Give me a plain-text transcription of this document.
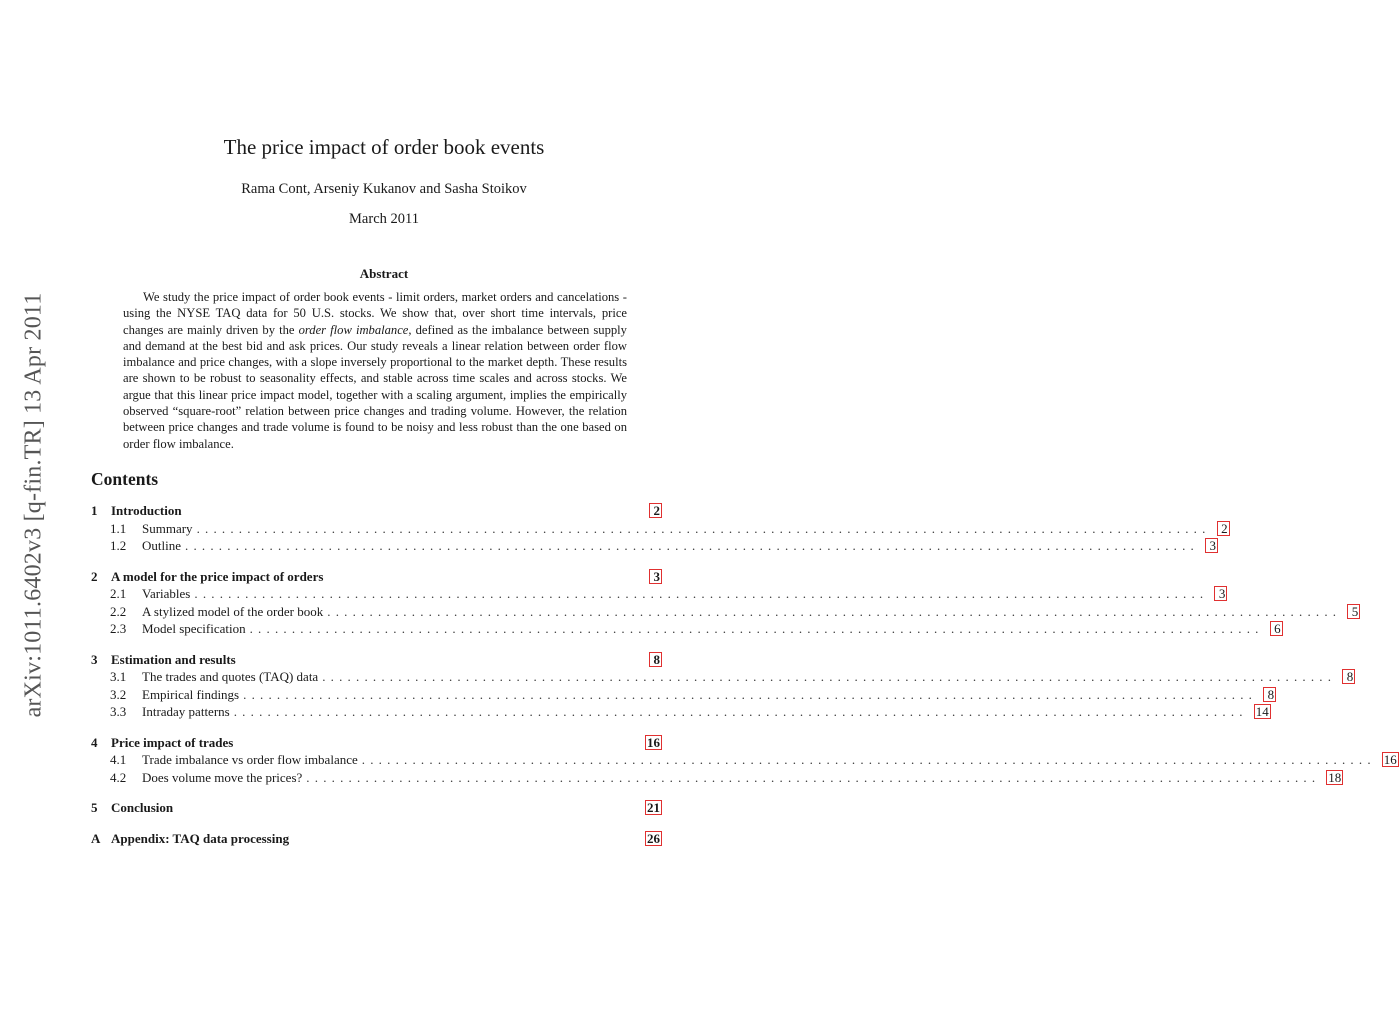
arXiv:1011.6402v3 [q-fin.TR] 13 Apr 2011
The price impact of order book events
Rama Cont, Arseniy Kukanov and Sasha Stoikov
March 2011
Abstract
We study the price impact of order book events - limit orders, market orders and cancelations - using the NYSE TAQ data for 50 U.S. stocks. We show that, over short time intervals, price changes are mainly driven by the order flow imbalance, defined as the imbalance between supply and demand at the best bid and ask prices. Our study reveals a linear relation between order flow imbalance and price changes, with a slope inversely proportional to the market depth. These results are shown to be robust to seasonality effects, and stable across time scales and across stocks. We argue that this linear price impact model, together with a scaling argument, implies the empirically observed “square-root” relation between price changes and trading volume. However, the relation between price changes and trade volume is found to be noisy and less robust than the one based on order flow imbalance.
Contents
1	Introduction	2
1.1	Summary ........................................................................................................................ 2
1.2	Outline ........................................................................................................................ 3
2	A model for the price impact of orders	3
2.1	Variables ........................................................................................................................ 3
2.2	A stylized model of the order book ........................................................................................................................ 5
2.3	Model specification ........................................................................................................................ 6
3	Estimation and results	8
3.1	The trades and quotes (TAQ) data ........................................................................................................................ 8
3.2	Empirical findings ........................................................................................................................ 8
3.3	Intraday patterns ........................................................................................................................ 14
4	Price impact of trades	16
4.1	Trade imbalance vs order flow imbalance ........................................................................................................................ 16
4.2	Does volume move the prices? ........................................................................................................................ 18
5	Conclusion	21
A Appendix: TAQ data processing	26
